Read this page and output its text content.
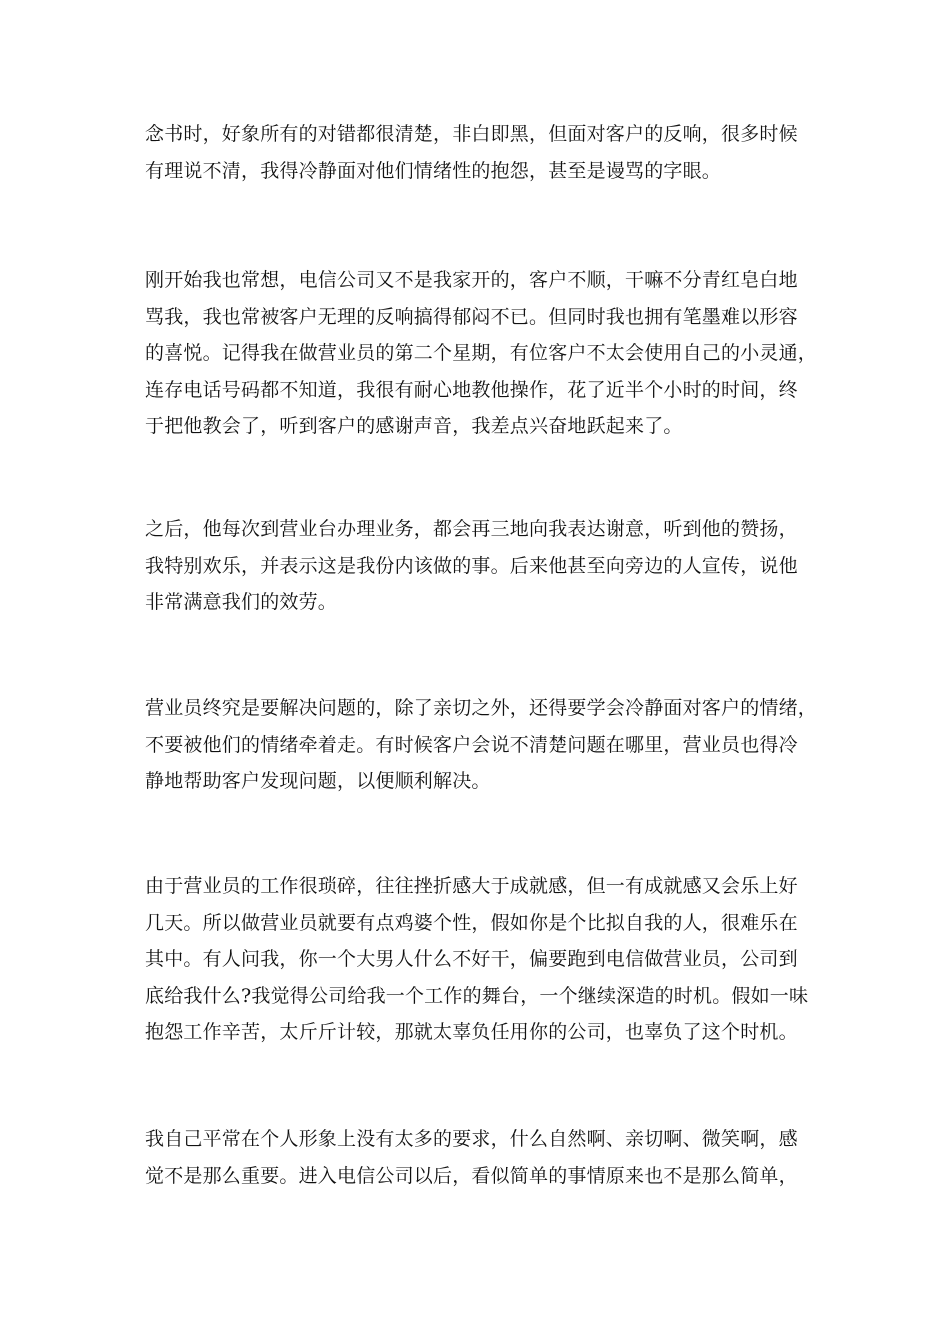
念书时，好象所有的对错都很清楚，非白即黑，但面对客户的反响，很多时候
有理说不清，我得冷静面对他们情绪性的抱怨，甚至是谩骂的字眼。
刚开始我也常想，电信公司又不是我家开的，客户不顺，干嘛不分青红皂白地
骂我，我也常被客户无理的反响搞得郁闷不已。但同时我也拥有笔墨难以形容
的喜悦。记得我在做营业员的第二个星期，有位客户不太会使用自己的小灵通，
连存电话号码都不知道，我很有耐心地教他操作，花了近半个小时的时间，终
于把他教会了，听到客户的感谢声音，我差点兴奋地跃起来了。
之后，他每次到营业台办理业务，都会再三地向我表达谢意，听到他的赞扬，
我特别欢乐，并表示这是我份内该做的事。后来他甚至向旁边的人宣传，说他
非常满意我们的效劳。
营业员终究是要解决问题的，除了亲切之外，还得要学会冷静面对客户的情绪，
不要被他们的情绪牵着走。有时候客户会说不清楚问题在哪里，营业员也得冷
静地帮助客户发现问题，以便顺利解决。
由于营业员的工作很琐碎，往往挫折感大于成就感，但一有成就感又会乐上好
几天。所以做营业员就要有点鸡婆个性，假如你是个比拟自我的人，很难乐在
其中。有人问我，你一个大男人什么不好干，偏要跑到电信做营业员，公司到
底给我什么?我觉得公司给我一个工作的舞台，一个继续深造的时机。假如一味
抱怨工作辛苦，太斤斤计较，那就太辜负任用你的公司，也辜负了这个时机。
我自己平常在个人形象上没有太多的要求，什么自然啊、亲切啊、微笑啊，感
觉不是那么重要。进入电信公司以后，看似简单的事情原来也不是那么简单，
